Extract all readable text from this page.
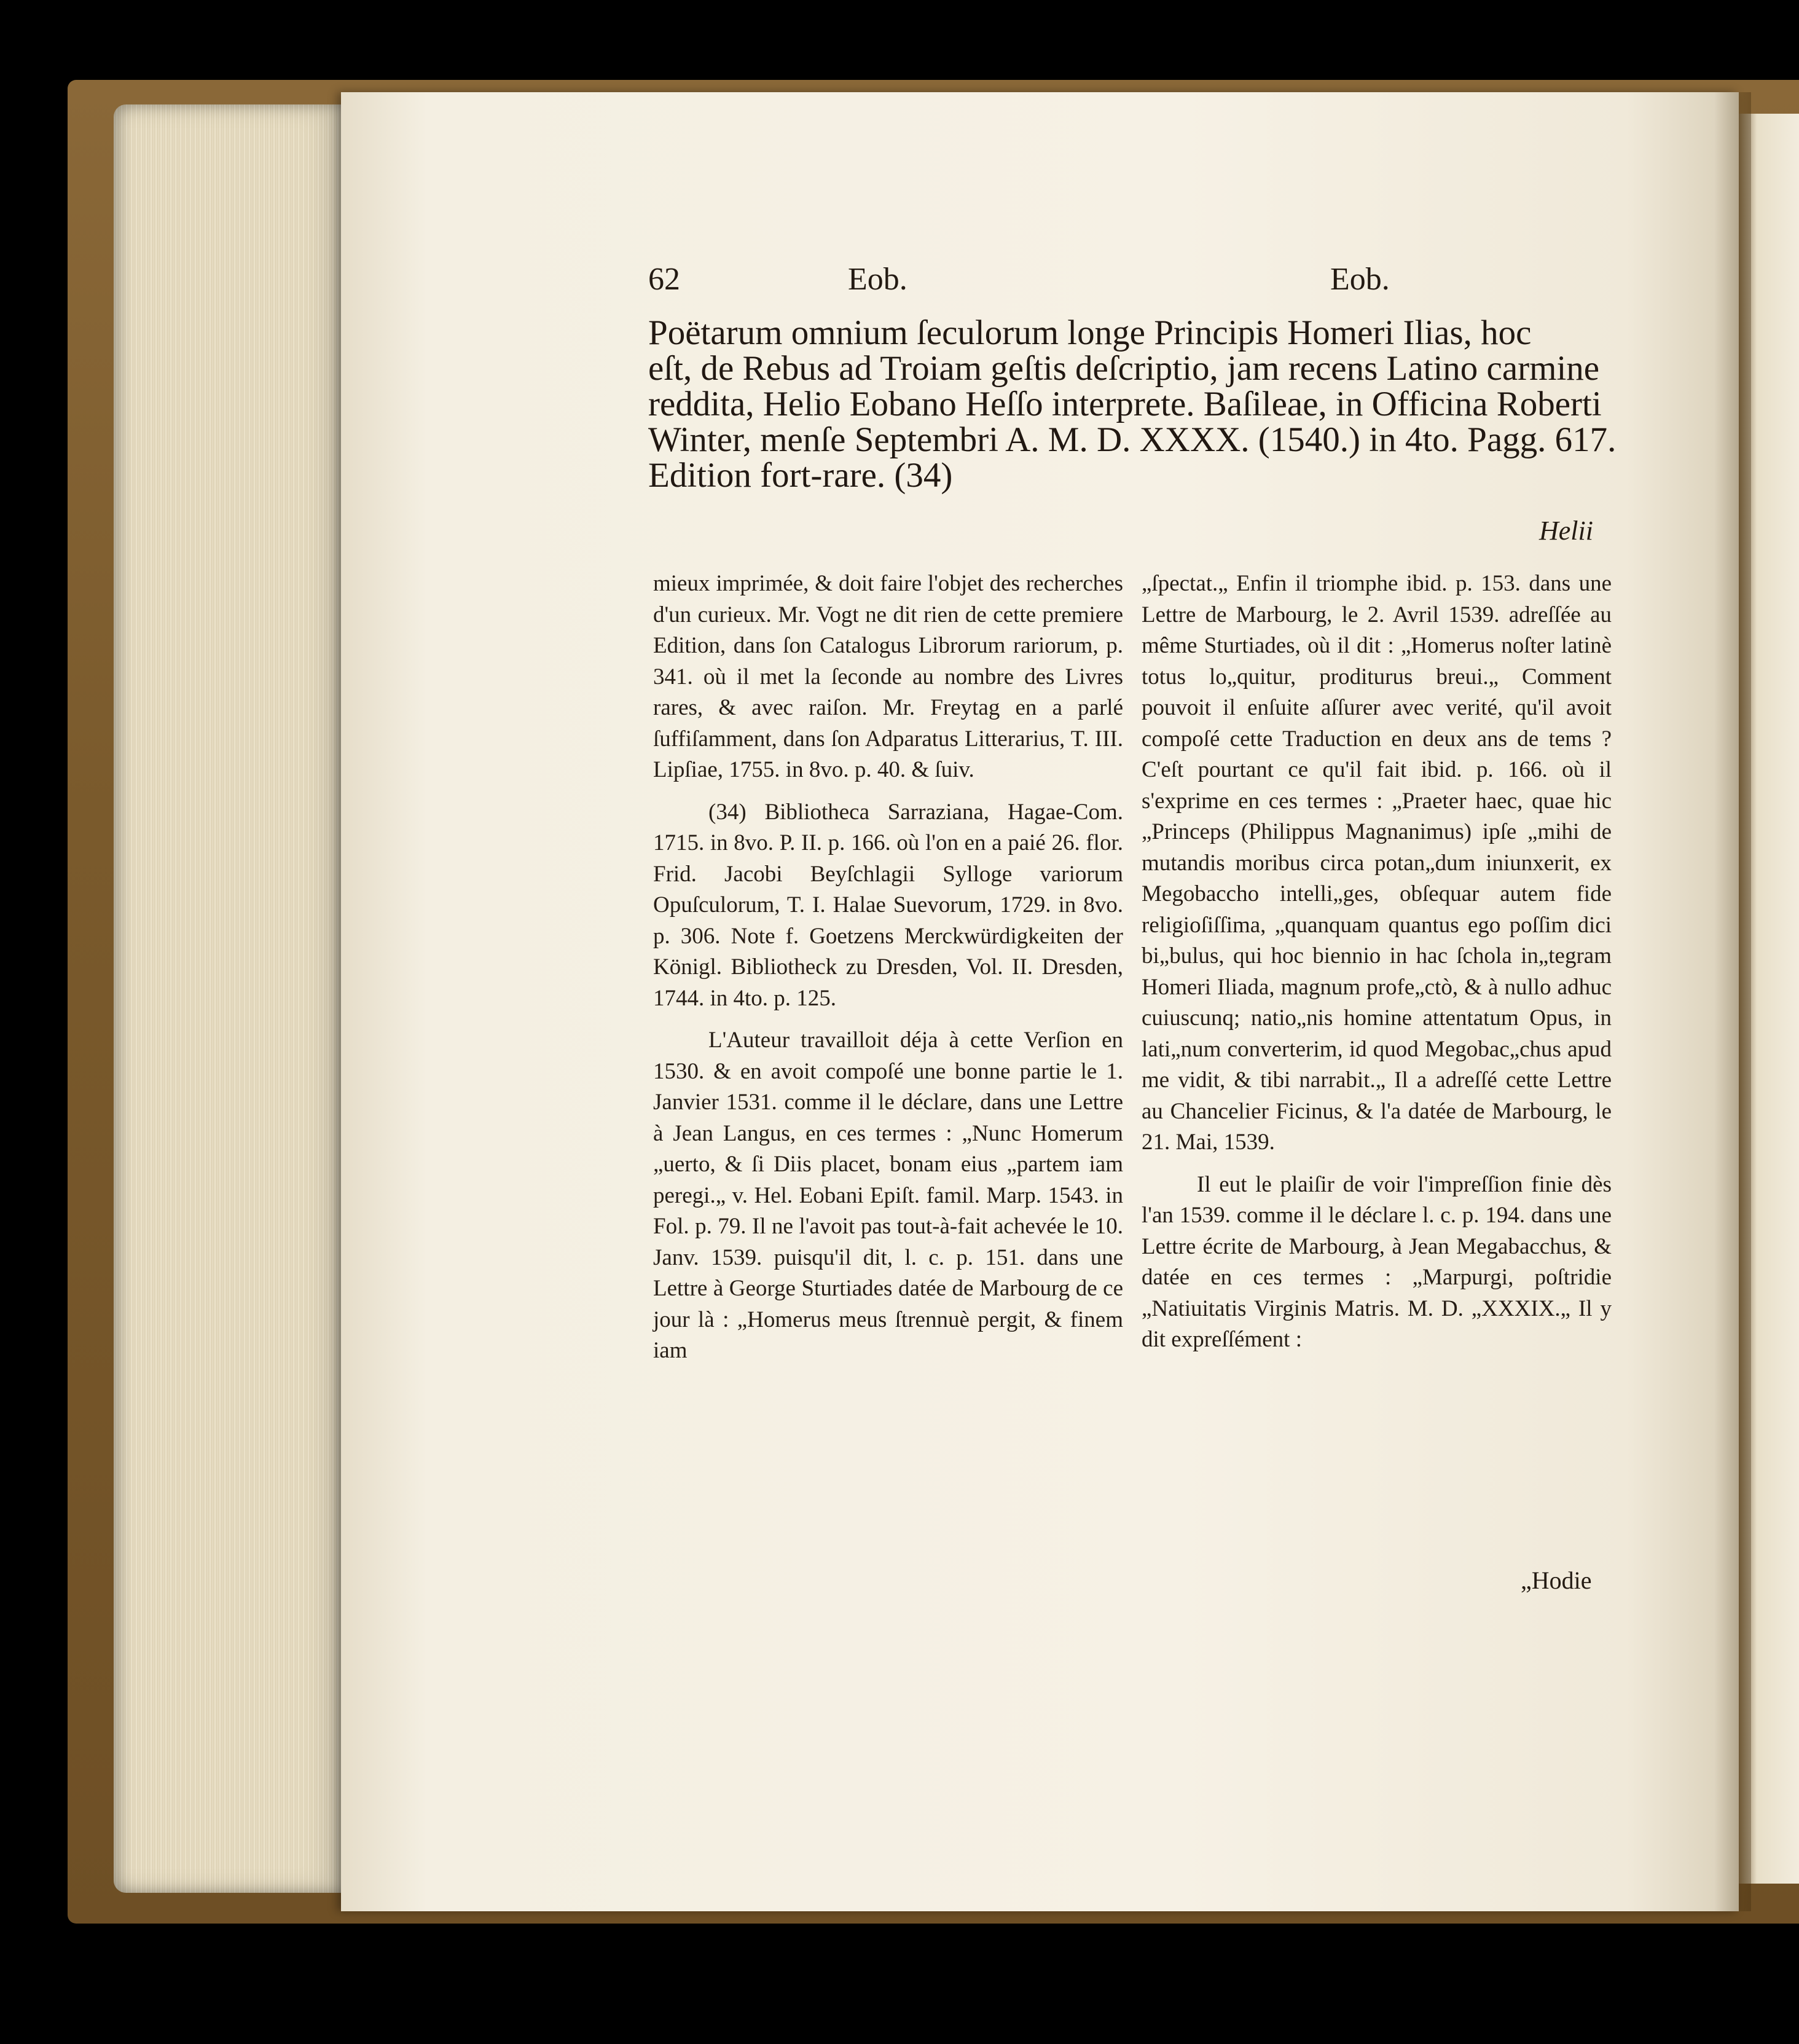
62	Eob.	Eob.
Poëtarum omnium ſeculorum longe Principis Homeri Ilias, hoc
eſt, de Rebus ad Troiam geſtis deſcriptio, jam recens Latino carmine
reddita, Helio Eobano Heſſo interprete. Baſileae, in Officina Roberti
Winter, menſe Septembri A. M. D. XXXX. (1540.) in 4to. Pagg. 617.
Edition fort-rare. (34)
Helii

mieux imprimée, & doit faire l'objet des recherches d'un curieux. Mr. Vogt ne dit rien de cette premiere Edition, dans ſon Catalogus Librorum rariorum, p. 341. où il met la ſeconde au nombre des Livres rares, & avec raiſon. Mr. Freytag en a parlé ſuffiſamment, dans ſon Adparatus Litterarius, T. III. Lipſiae, 1755. in 8vo. p. 40. & ſuiv.

(34) Bibliotheca Sarraziana, Hagae-Com. 1715. in 8vo. P. II. p. 166. où l'on en a paié 26. flor. Frid. Jacobi Beyſchlagii Sylloge variorum Opuſculorum, T. I. Halae Suevorum, 1729. in 8vo. p. 306. Note f. Goetzens Merckwürdigkeiten der Königl. Bibliotheck zu Dresden, Vol. II. Dresden, 1744. in 4to. p. 125.

L'Auteur travailloit déja à cette Verſion en 1530. & en avoit compoſé une bonne partie le 1. Janvier 1531. comme il le déclare, dans une Lettre à Jean Langus, en ces termes : „Nunc Homerum „uerto, & ſi Diis placet, bonam eius „partem iam peregi.„ v. Hel. Eobani Epiſt. famil. Marp. 1543. in Fol. p. 79. Il ne l'avoit pas tout-à-fait achevée le 10. Janv. 1539. puisqu'il dit, l. c. p. 151. dans une Lettre à George Sturtiades datée de Marbourg de ce jour là : „Homerus meus ſtrennuè pergit, & finem iam

„ſpectat.„ Enfin il triomphe ibid. p. 153. dans une Lettre de Marbourg, le 2. Avril 1539. adreſſée au même Sturtiades, où il dit : „Homerus noſter latinè totus lo„quitur, proditurus breui.„ Comment pouvoit il enſuite aſſurer avec verité, qu'il avoit compoſé cette Traduction en deux ans de tems ? C'eſt pourtant ce qu'il fait ibid. p. 166. où il s'exprime en ces termes : „Praeter haec, quae hic „Princeps (Philippus Magnanimus) ipſe „mihi de mutandis moribus circa potan„dum iniunxerit, ex Megobaccho intelli„ges, obſequar autem fide religioſiſſima, „quanquam quantus ego poſſim dici bi„bulus, qui hoc biennio in hac ſchola in„tegram Homeri Iliada, magnum profe„ctò, & à nullo adhuc cuiuscunq; natio„nis homine attentatum Opus, in lati„num converterim, id quod Megobac„chus apud me vidit, & tibi narrabit.„ Il a adreſſé cette Lettre au Chancelier Ficinus, & l'a datée de Marbourg, le 21. Mai, 1539.

Il eut le plaiſir de voir l'impreſſion finie dès l'an 1539. comme il le déclare l. c. p. 194. dans une Lettre écrite de Marbourg, à Jean Megabacchus, & datée en ces termes : „Marpurgi, poſtridie „Natiuitatis Virginis Matris. M. D. „XXXIX.„ Il y dit expreſſément :

„Hodie
